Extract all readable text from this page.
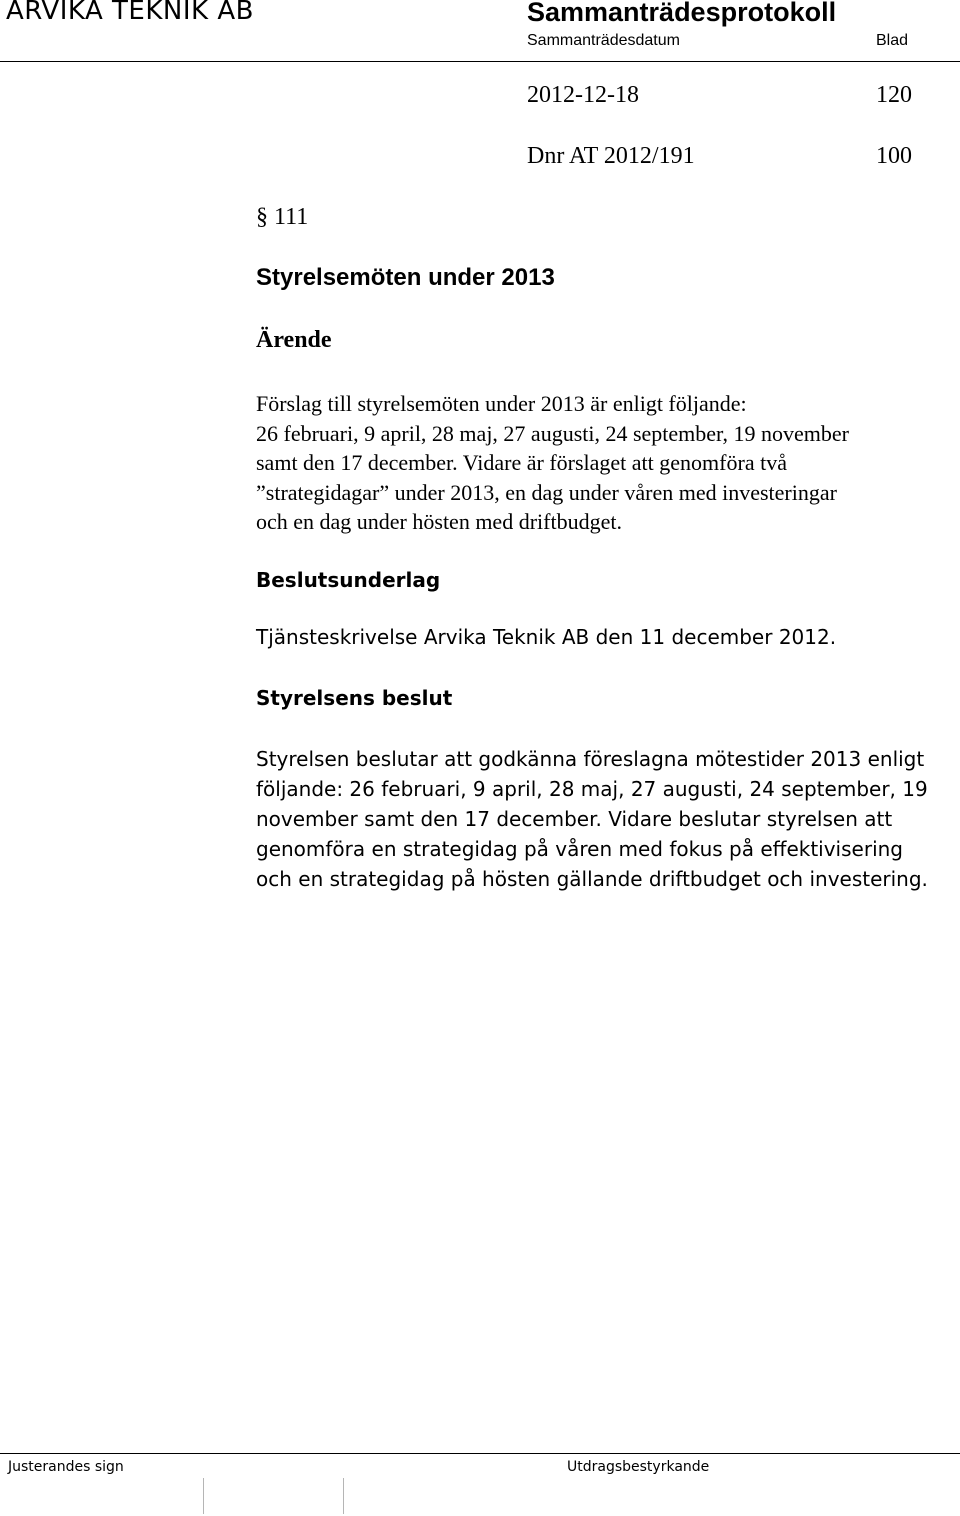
ARVIKA TEKNIK AB	Sammanträdesprotokoll
Sammanträdesdatum	Blad
2012-12-18	120
Dnr AT 2012/191	100
§ 111
Styrelsemöten under 2013
Ärende
Förslag till styrelsemöten under 2013 är enligt följande:
26 februari, 9 april, 28 maj, 27 augusti, 24 september, 19 november
samt den 17 december. Vidare är förslaget att genomföra två
”strategidagar” under 2013, en dag under våren med investeringar
och en dag under hösten med driftbudget.
Beslutsunderlag
Tjänsteskrivelse Arvika Teknik AB den 11 december 2012.
Styrelsens beslut
Styrelsen beslutar att godkänna föreslagna mötestider 2013 enligt
följande: 26 februari, 9 april, 28 maj, 27 augusti, 24 september, 19
november samt den 17 december. Vidare beslutar styrelsen att
genomföra en strategidag på våren med fokus på effektivisering
och en strategidag på hösten gällande driftbudget och investering.
Justerandes sign	Utdragsbestyrkande
